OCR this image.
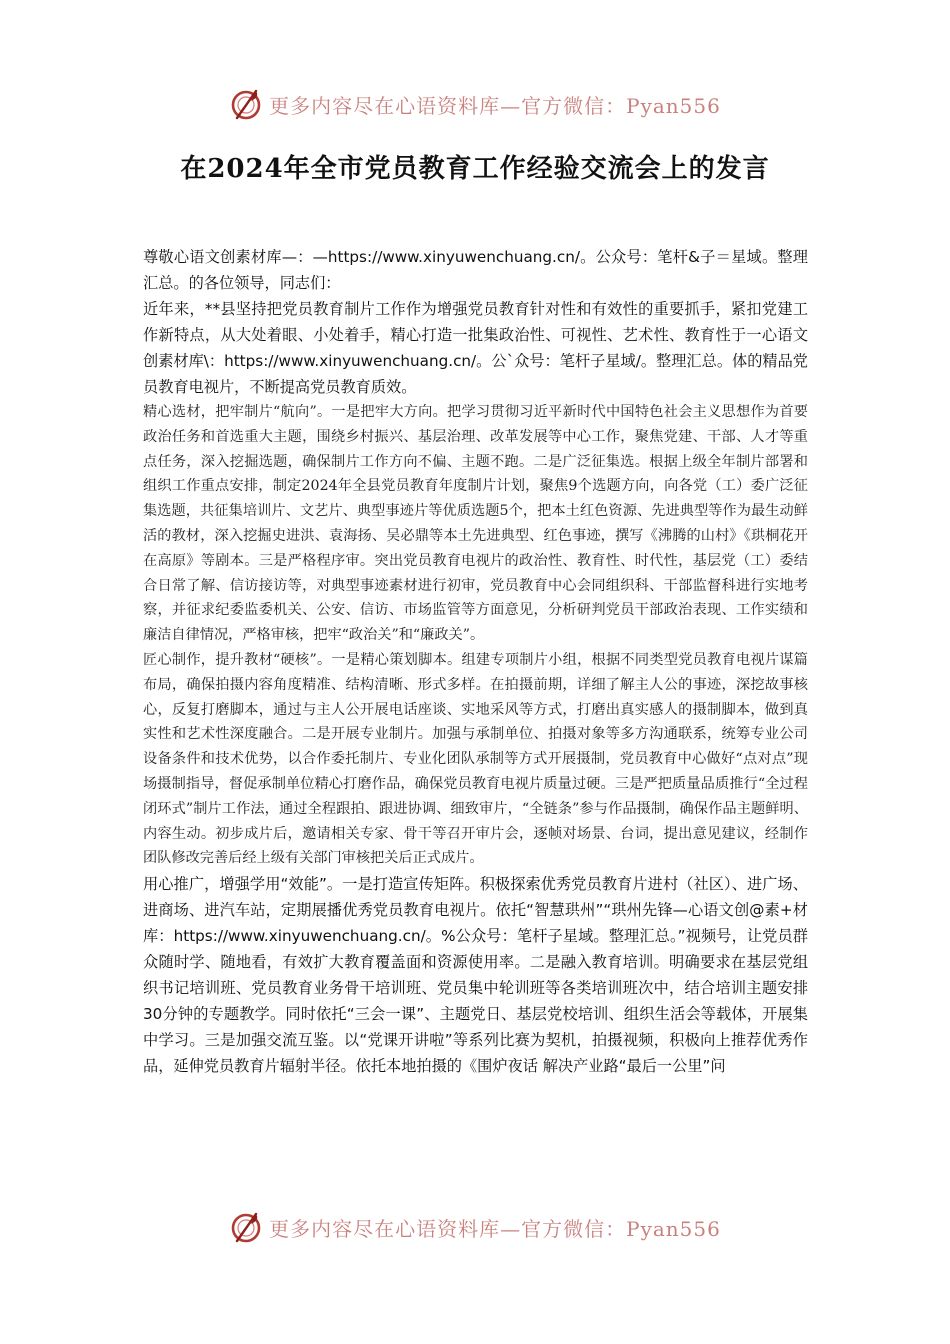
更多内容尽在心语资料库—官方微信：Pyan556
在2024年全市党员教育工作经验交流会上的发言

尊敬心语文创素材库—：—https://www.xinyuwenchuang.cn/。公众号：笔杆&子＝星域。整理汇总。的各位领导，同志们：

近年来，**县坚持把党员教育制片工作作为增强党员教育针对性和有效性的重要抓手，紧扣党建工作新特点，从大处着眼、小处着手，精心打造一批集政治性、可视性、艺术性、教育性于一心语文创素材库\：https://www.xinyuwenchuang.cn/。公`众号：笔杆子星域/。整理汇总。体的精品党员教育电视片，不断提高党员教育质效。

精心选材，把牢制片“航向”。一是把牢大方向。把学习贯彻习近平新时代中国特色社会主义思想作为首要政治任务和首选重大主题，围绕乡村振兴、基层治理、改革发展等中心工作，聚焦党建、干部、人才等重点任务，深入挖掘选题，确保制片工作方向不偏、主题不跑。二是广泛征集选。根据上级全年制片部署和组织工作重点安排，制定2024年全县党员教育年度制片计划，聚焦9个选题方向，向各党（工）委广泛征集选题，共征集培训片、文艺片、典型事迹片等优质选题5个，把本土红色资源、先进典型等作为最生动鲜活的教材，深入挖掘史进洪、袁海扬、吴必鼎等本土先进典型、红色事迹，撰写《沸腾的山村》《珙桐花开在高原》等剧本。三是严格程序审。突出党员教育电视片的政治性、教育性、时代性，基层党（工）委结合日常了解、信访接访等，对典型事迹素材进行初审，党员教育中心会同组织科、干部监督科进行实地考察，并征求纪委监委机关、公安、信访、市场监管等方面意见，分析研判党员干部政治表现、工作实绩和廉洁自律情况，严格审核，把牢“政治关”和“廉政关”。

匠心制作，提升教材“硬核”。一是精心策划脚本。组建专项制片小组，根据不同类型党员教育电视片谋篇布局，确保拍摄内容角度精准、结构清晰、形式多样。在拍摄前期，详细了解主人公的事迹，深挖故事核心，反复打磨脚本，通过与主人公开展电话座谈、实地采风等方式，打磨出真实感人的摄制脚本，做到真实性和艺术性深度融合。二是开展专业制片。加强与承制单位、拍摄对象等多方沟通联系，统筹专业公司设备条件和技术优势，以合作委托制片、专业化团队承制等方式开展摄制，党员教育中心做好“点对点”现场摄制指导，督促承制单位精心打磨作品，确保党员教育电视片质量过硬。三是严把质量品质推行“全过程闭环式”制片工作法，通过全程跟拍、跟进协调、细致审片，“全链条”参与作品摄制，确保作品主题鲜明、内容生动。初步成片后，邀请相关专家、骨干等召开审片会，逐帧对场景、台词，提出意见建议，经制作团队修改完善后经上级有关部门审核把关后正式成片。

用心推广，增强学用“效能”。一是打造宣传矩阵。积极探索优秀党员教育片进村（社区）、进广场、进商场、进汽车站，定期展播优秀党员教育电视片。依托“智慧珙州”“珙州先锋—心语文创@素+材库：https://www.xinyuwenchuang.cn/。%公众号：笔杆子星域。整理汇总。”视频号，让党员群众随时学、随地看，有效扩大教育覆盖面和资源使用率。二是融入教育培训。明确要求在基层党组织书记培训班、党员教育业务骨干培训班、党员集中轮训班等各类培训班次中，结合培训主题安排30分钟的专题教学。同时依托“三会一课”、主题党日、基层党校培训、组织生活会等载体，开展集中学习。三是加强交流互鉴。以“党课开讲啦”等系列比赛为契机，拍摄视频，积极向上推荐优秀作品，延伸党员教育片辐射半径。依托本地拍摄的《围炉夜话 解决产业路“最后一公里”问

更多内容尽在心语资料库—官方微信：Pyan556
